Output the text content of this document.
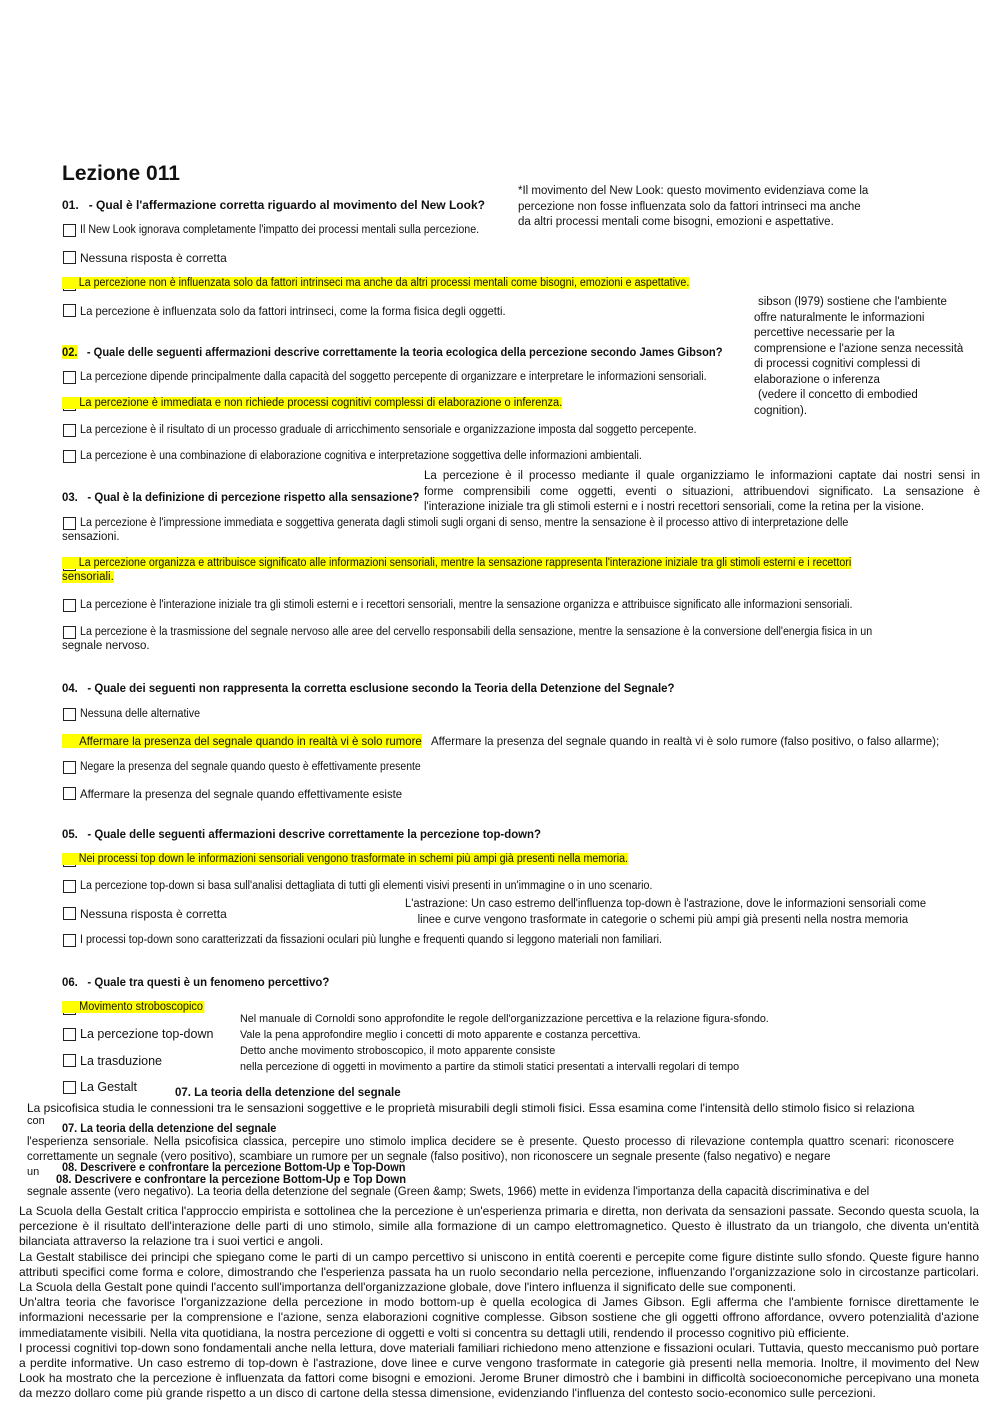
Lezione 011
01. - Qual è l'affermazione corretta riguardo al movimento del New Look?
*Il movimento del New Look: questo movimento evidenziava come la
percezione non fosse influenzata solo da fattori intrinseci ma anche
da altri processi mentali come bisogni, emozioni e aspettative.
Il New Look ignorava completamente l'impatto dei processi mentali sulla percezione.
Nessuna risposta è corretta
La percezione non è influenzata solo da fattori intrinseci ma anche da altri processi mentali come bisogni, emozioni e aspettative.
La percezione è influenzata solo da fattori intrinseci, come la forma fisica degli oggetti.
sibson (l979) sostiene che l'ambiente
offre naturalmente le informazioni
percettive necessarie per la
comprensione e l'azione senza necessità
di processi cognitivi complessi di
elaborazione o inferenza
(vedere il concetto di embodied
cognition).
02. - Quale delle seguenti affermazioni descrive correttamente la teoria ecologica della percezione secondo James Gibson?
La percezione dipende principalmente dalla capacità del soggetto percepente di organizzare e interpretare le informazioni sensoriali.
La percezione è immediata e non richiede processi cognitivi complessi di elaborazione o inferenza.
La percezione è il risultato di un processo graduale di arricchimento sensoriale e organizzazione imposta dal soggetto percepente.
La percezione è una combinazione di elaborazione cognitiva e interpretazione soggettiva delle informazioni ambientali.
La percezione è il processo mediante il quale organizziamo le informazioni captate dai nostri sensi in
forme comprensibili come oggetti, eventi o situazioni, attribuendovi significato. La sensazione è
l'interazione iniziale tra gli stimoli esterni e i nostri recettori sensoriali, come la retina per la visione.
03. - Qual è la definizione di percezione rispetto alla sensazione?
La percezione è l'impressione immediata e soggettiva generata dagli stimoli sugli organi di senso, mentre la sensazione è il processo attivo di interpretazione delle
sensazioni.
La percezione organizza e attribuisce significato alle informazioni sensoriali, mentre la sensazione rappresenta l'interazione iniziale tra gli stimoli esterni e i recettori
sensoriali.
La percezione è l'interazione iniziale tra gli stimoli esterni e i recettori sensoriali, mentre la sensazione organizza e attribuisce significato alle informazioni sensoriali.
La percezione è la trasmissione del segnale nervoso alle aree del cervello responsabili della sensazione, mentre la sensazione è la conversione dell'energia fisica in un
segnale nervoso.
04. - Quale dei seguenti non rappresenta la corretta esclusione secondo la Teoria della Detenzione del Segnale?
Nessuna delle alternative
Affermare la presenza del segnale quando in realtà vi è solo rumore Affermare la presenza del segnale quando in realtà vi è solo rumore (falso positivo, o falso allarme);
Negare la presenza del segnale quando questo è effettivamente presente
Affermare la presenza del segnale quando effettivamente esiste
05. - Quale delle seguenti affermazioni descrive correttamente la percezione top-down?
Nei processi top down le informazioni sensoriali vengono trasformate in schemi più ampi già presenti nella memoria.
La percezione top-down si basa sull'analisi dettagliata di tutti gli elementi visivi presenti in un'immagine o in uno scenario.
L'astrazione: Un caso estremo dell'influenza top-down è l'astrazione, dove le informazioni sensoriali come
linee e curve vengono trasformate in categorie o schemi più ampi già presenti nella nostra memoria
Nessuna risposta è corretta
I processi top-down sono caratterizzati da fissazioni oculari più lunghe e frequenti quando si leggono materiali non familiari.
06. - Quale tra questi è un fenomeno percettivo?
Movimento stroboscopico
La percezione top-down
La trasduzione
La Gestalt
Nel manuale di Cornoldi sono approfondite le regole dell'organizzazione percettiva e la relazione figura-sfondo.
Vale la pena approfondire meglio i concetti di moto apparente e costanza percettiva.
Detto anche movimento stroboscopico, il moto apparente consiste
nella percezione di oggetti in movimento a partire da stimoli statici presentati a intervalli regolari di tempo
07. La teoria della detenzione del segnale
La psicofisica studia le connessioni tra le sensazioni soggettive e le proprietà misurabili degli stimoli fisici. Essa esamina come l'intensità dello stimolo fisico si relaziona
con
07. La teoria della detenzione del segnale
l'esperienza sensoriale. Nella psicofisica classica, percepire uno stimolo implica decidere se è presente. Questo processo di rilevazione contempla quattro scenari: riconoscere correttamente un segnale (vero positivo), scambiare un rumore per un segnale (falso positivo), non riconoscere un segnale presente (falso negativo) e negare
un 08. Descrivere e confrontare la percezione Bottom-Up e Top-Down
08. Descrivere e confrontare la percezione Bottom-Up e Top Down
segnale assente (vero negativo). La teoria della detenzione del segnale (Green &amp; Swets, 1966) mette in evidenza l'importanza della capacità discriminativa e del
La Scuola della Gestalt critica l'approccio empirista e sottolinea che la percezione è un'esperienza primaria e diretta, non derivata da sensazioni passate. Secondo questa scuola, la percezione è il risultato dell'interazione delle parti di uno stimolo, simile alla formazione di un campo elettromagnetico. Questo è illustrato da un triangolo, che diventa un'entità bilanciata attraverso la relazione tra i suoi vertici e angoli.
La Gestalt stabilisce dei principi che spiegano come le parti di un campo percettivo si uniscono in entità coerenti e percepite come figure distinte sullo sfondo. Queste figure hanno attributi specifici come forma e colore, dimostrando che l'esperienza passata ha un ruolo secondario nella percezione, influenzando l'organizzazione solo in circostanze particolari. La Scuola della Gestalt pone quindi l'accento sull'importanza dell'organizzazione globale, dove l'intero influenza il significato delle sue componenti.
Un'altra teoria che favorisce l'organizzazione della percezione in modo bottom-up è quella ecologica di James Gibson. Egli afferma che l'ambiente fornisce direttamente le informazioni necessarie per la comprensione e l'azione, senza elaborazioni cognitive complesse. Gibson sostiene che gli oggetti offrono affordance, ovvero potenzialità d'azione immediatamente visibili. Nella vita quotidiana, la nostra percezione di oggetti e volti si concentra su dettagli utili, rendendo il processo cognitivo più efficiente.
I processi cognitivi top-down sono fondamentali anche nella lettura, dove materiali familiari richiedono meno attenzione e fissazioni oculari. Tuttavia, questo meccanismo può portare a perdite informative. Un caso estremo di top-down è l'astrazione, dove linee e curve vengono trasformate in categorie già presenti nella memoria. Inoltre, il movimento del New Look ha mostrato che la percezione è influenzata da fattori come bisogni e emozioni. Jerome Bruner dimostrò che i bambini in difficoltà socioeconomiche percepivano una moneta da mezzo dollaro come più grande rispetto a un disco di cartone della stessa dimensione, evidenziando l'influenza del contesto socio-economico sulle percezioni.
